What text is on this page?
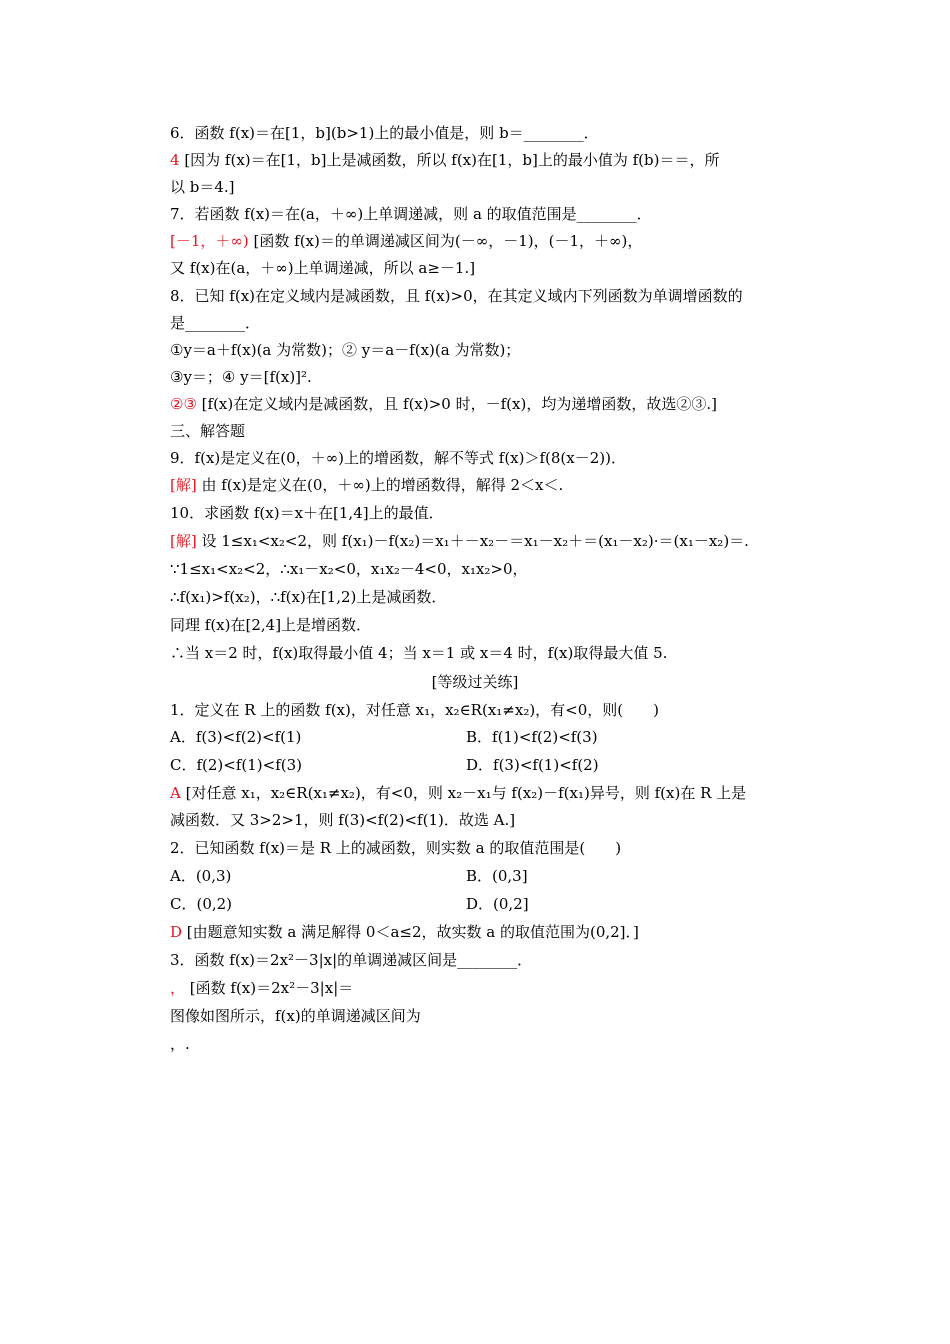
6．函数 f(x)＝在[1，b](b>1)上的最小值是，则 b＝________．
4 [因为 f(x)＝在[1，b]上是减函数，所以 f(x)在[1，b]上的最小值为 f(b)＝＝，所
以 b＝4.]
7．若函数 f(x)＝在(a，＋∞)上单调递减，则 a 的取值范围是________．
[－1，＋∞) [函数 f(x)＝的单调递减区间为(－∞，－1)，(－1，＋∞)，
又 f(x)在(a，＋∞)上单调递减，所以 a≥－1.]
8．已知 f(x)在定义域内是减函数，且 f(x)>0，在其定义域内下列函数为单调增函数的
是________．
①y＝a＋f(x)(a 为常数)；② y＝a－f(x)(a 为常数)；
③y＝；④ y＝[f(x)]².
②③ [f(x)在定义域内是减函数，且 f(x)>0 时，－f(x)，均为递增函数，故选②③.]
三、解答题
9．f(x)是定义在(0，＋∞)上的增函数，解不等式 f(x)＞f(8(x－2))．
[解] 由 f(x)是定义在(0，＋∞)上的增函数得，解得 2＜x＜.
10．求函数 f(x)＝x＋在[1,4]上的最值．
[解] 设 1≤x₁<x₂<2，则 f(x₁)－f(x₂)＝x₁＋－x₂－＝x₁－x₂＋＝(x₁－x₂)·＝(x₁－x₂)＝.
∵1≤x₁<x₂<2，∴x₁－x₂<0，x₁x₂－4<0，x₁x₂>0，
∴f(x₁)>f(x₂)，∴f(x)在[1,2)上是减函数．
同理 f(x)在[2,4]上是增函数．
∴当 x＝2 时，f(x)取得最小值 4；当 x＝1 或 x＝4 时，f(x)取得最大值 5.
[等级过关练]
1．定义在 R 上的函数 f(x)，对任意 x₁，x₂∈R(x₁≠x₂)，有<0，则(　　)
A．f(3)<f(2)<f(1)	B．f(1)<f(2)<f(3)
C．f(2)<f(1)<f(3)	D．f(3)<f(1)<f(2)
A [对任意 x₁，x₂∈R(x₁≠x₂)，有<0，则 x₂－x₁与 f(x₂)－f(x₁)异号，则 f(x)在 R 上是
减函数．又 3>2>1，则 f(3)<f(2)<f(1)．故选 A.]
2．已知函数 f(x)＝是 R 上的减函数，则实数 a 的取值范围是(　　)
A．(0,3)	B．(0,3]
C．(0,2)	D．(0,2]
D [由题意知实数 a 满足解得 0＜a≤2，故实数 a 的取值范围为(0,2]．]
3．函数 f(x)＝2x²－3|x|的单调递减区间是________．
， [函数 f(x)＝2x²－3|x|＝
图像如图所示，f(x)的单调递减区间为
，.
